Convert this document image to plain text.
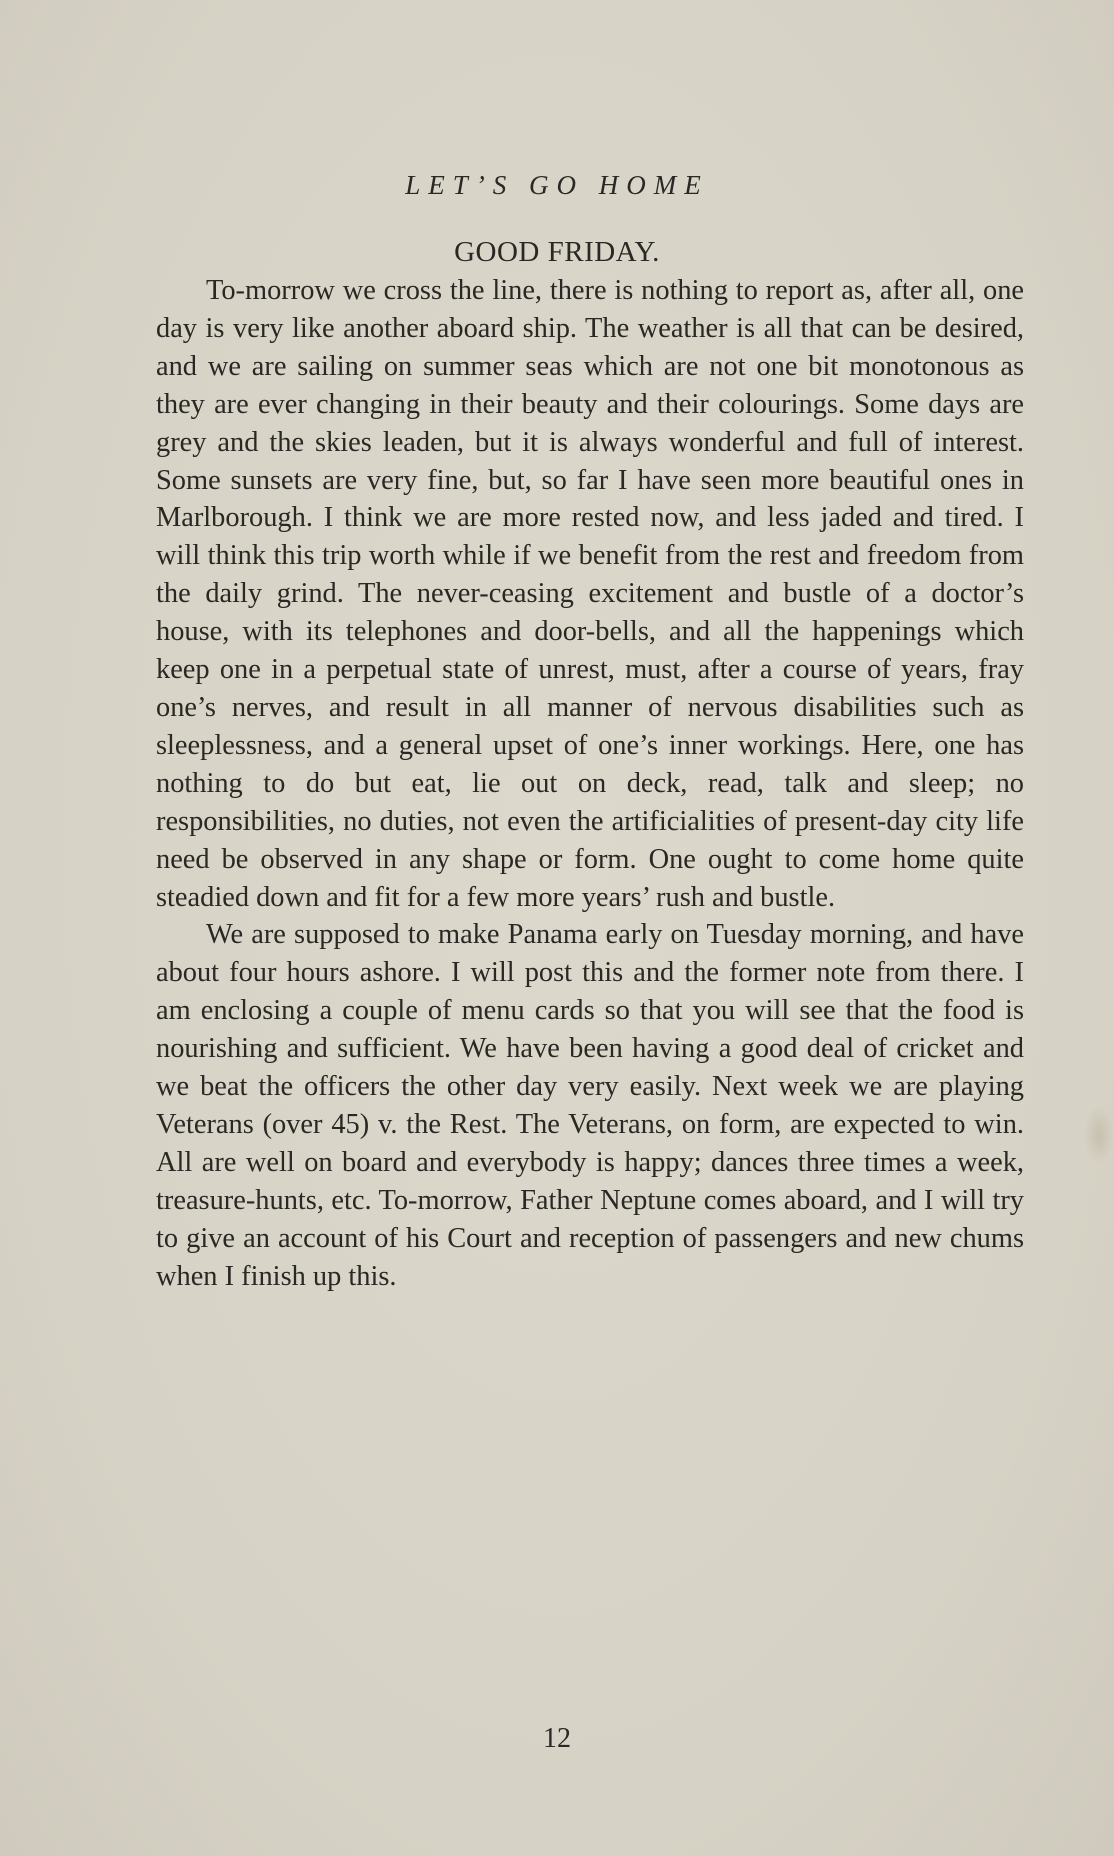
LET’S GO HOME
GOOD FRIDAY.

To-morrow we cross the line, there is nothing to report as, after all, one day is very like another aboard ship. The weather is all that can be desired, and we are sailing on summer seas which are not one bit monotonous as they are ever changing in their beauty and their colourings. Some days are grey and the skies leaden, but it is always wonderful and full of interest. Some sunsets are very fine, but, so far I have seen more beautiful ones in Marlborough. I think we are more rested now, and less jaded and tired. I will think this trip worth while if we benefit from the rest and freedom from the daily grind. The never-ceasing excitement and bustle of a doctor’s house, with its telephones and door-bells, and all the happenings which keep one in a perpetual state of unrest, must, after a course of years, fray one’s nerves, and result in all manner of nervous disabilities such as sleeplessness, and a general upset of one’s inner workings. Here, one has nothing to do but eat, lie out on deck, read, talk and sleep; no responsibilities, no duties, not even the artificialities of present-day city life need be observed in any shape or form. One ought to come home quite steadied down and fit for a few more years’ rush and bustle.

We are supposed to make Panama early on Tuesday morning, and have about four hours ashore. I will post this and the former note from there. I am enclosing a couple of menu cards so that you will see that the food is nourishing and sufficient. We have been having a good deal of cricket and we beat the officers the other day very easily. Next week we are playing Veterans (over 45) v. the Rest. The Veterans, on form, are expected to win. All are well on board and everybody is happy; dances three times a week, treasure-hunts, etc. To-morrow, Father Neptune comes aboard, and I will try to give an account of his Court and reception of passengers and new chums when I finish up this.

12
